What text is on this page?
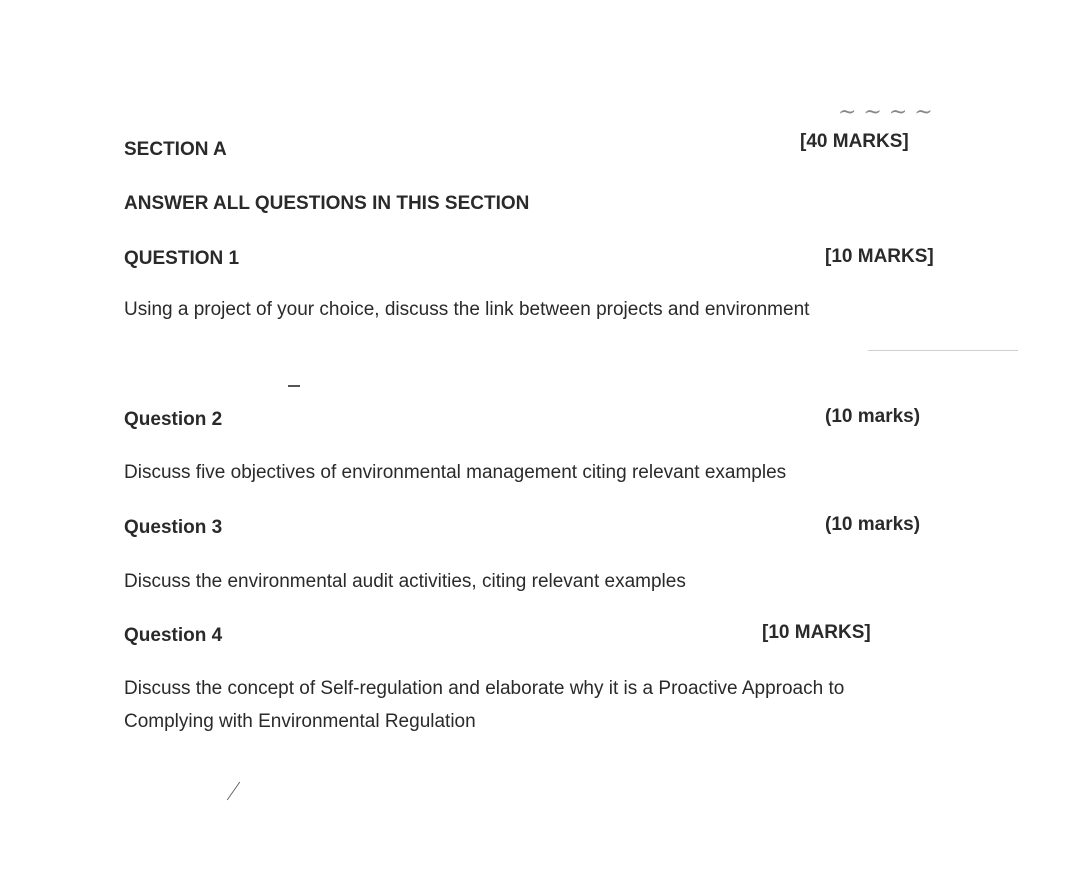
~ ~ ~ ~
SECTION A	[40 MARKS]
ANSWER ALL QUESTIONS IN THIS SECTION
QUESTION 1	[10 MARKS]
Using a project of your choice, discuss the link between projects and environment
Question 2	(10 marks)
Discuss five objectives of environmental management citing relevant examples
Question 3	(10 marks)
Discuss the environmental audit activities, citing relevant examples
Question 4	[10 MARKS]
Discuss the concept of Self-regulation and elaborate why it is a Proactive Approach to
Complying with Environmental Regulation
